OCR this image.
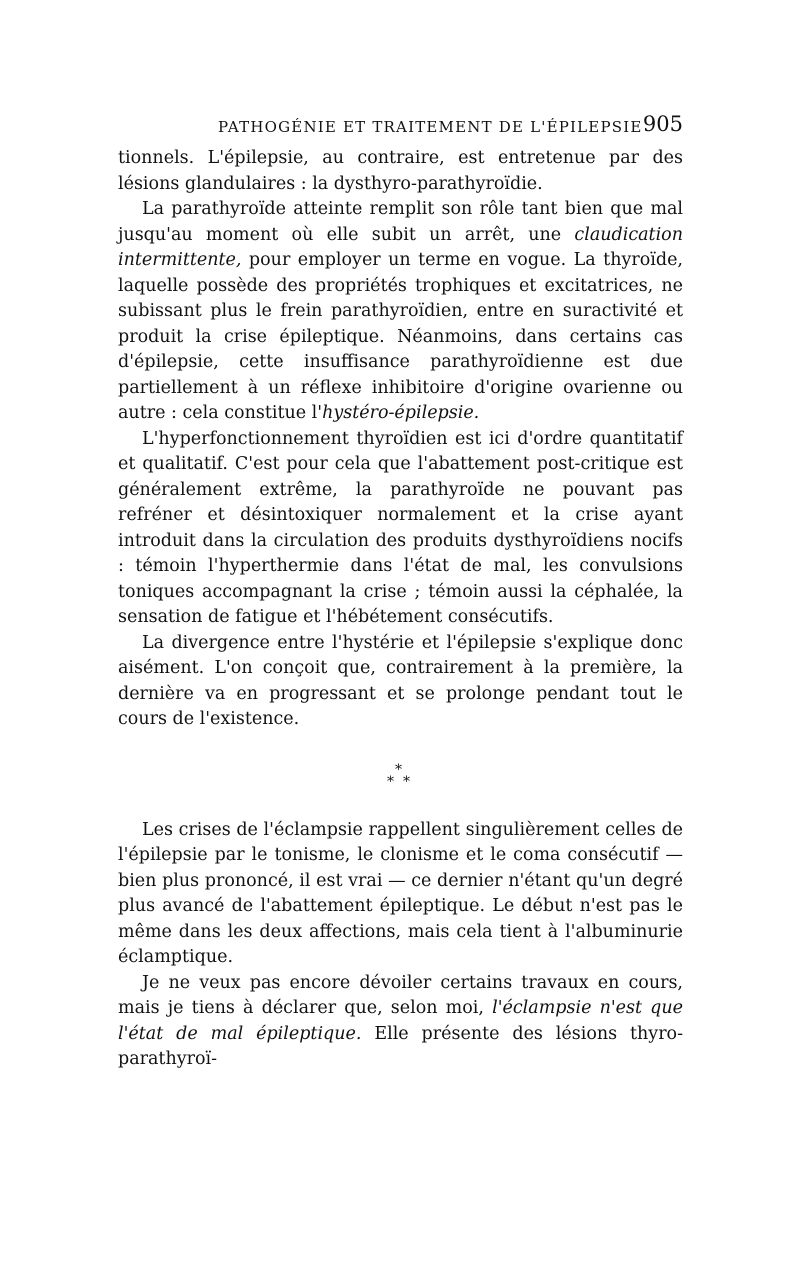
PATHOGÉNIE ET TRAITEMENT DE L'ÉPILEPSIE 905

tionnels. L'épilepsie, au contraire, est entretenue par des lésions glandulaires : la dysthyro-parathyroïdie.

La parathyroïde atteinte remplit son rôle tant bien que mal jusqu'au moment où elle subit un arrêt, une claudication intermittente, pour employer un terme en vogue. La thyroïde, laquelle possède des propriétés trophiques et excitatrices, ne subissant plus le frein parathyroïdien, entre en suractivité et produit la crise épileptique. Néanmoins, dans certains cas d'épilepsie, cette insuffisance parathyroïdienne est due partiellement à un réflexe inhibitoire d'origine ovarienne ou autre : cela constitue l'hystéro-épilepsie.

L'hyperfonctionnement thyroïdien est ici d'ordre quantitatif et qualitatif. C'est pour cela que l'abattement post-critique est généralement extrême, la parathyroïde ne pouvant pas refréner et désintoxiquer normalement et la crise ayant introduit dans la circulation des produits dysthyroïdiens nocifs : témoin l'hyperthermie dans l'état de mal, les convulsions toniques accompagnant la crise ; témoin aussi la céphalée, la sensation de fatigue et l'hébétement consécutifs.

La divergence entre l'hystérie et l'épilepsie s'explique donc aisément. L'on conçoit que, contrairement à la première, la dernière va en progressant et se prolonge pendant tout le cours de l'existence.

*
* *

Les crises de l'éclampsie rappellent singulièrement celles de l'épilepsie par le tonisme, le clonisme et le coma consécutif — bien plus prononcé, il est vrai — ce dernier n'étant qu'un degré plus avancé de l'abattement épileptique. Le début n'est pas le même dans les deux affections, mais cela tient à l'albuminurie éclamptique.

Je ne veux pas encore dévoiler certains travaux en cours, mais je tiens à déclarer que, selon moi, l'éclampsie n'est que l'état de mal épileptique. Elle présente des lésions thyro-parathyroï-
